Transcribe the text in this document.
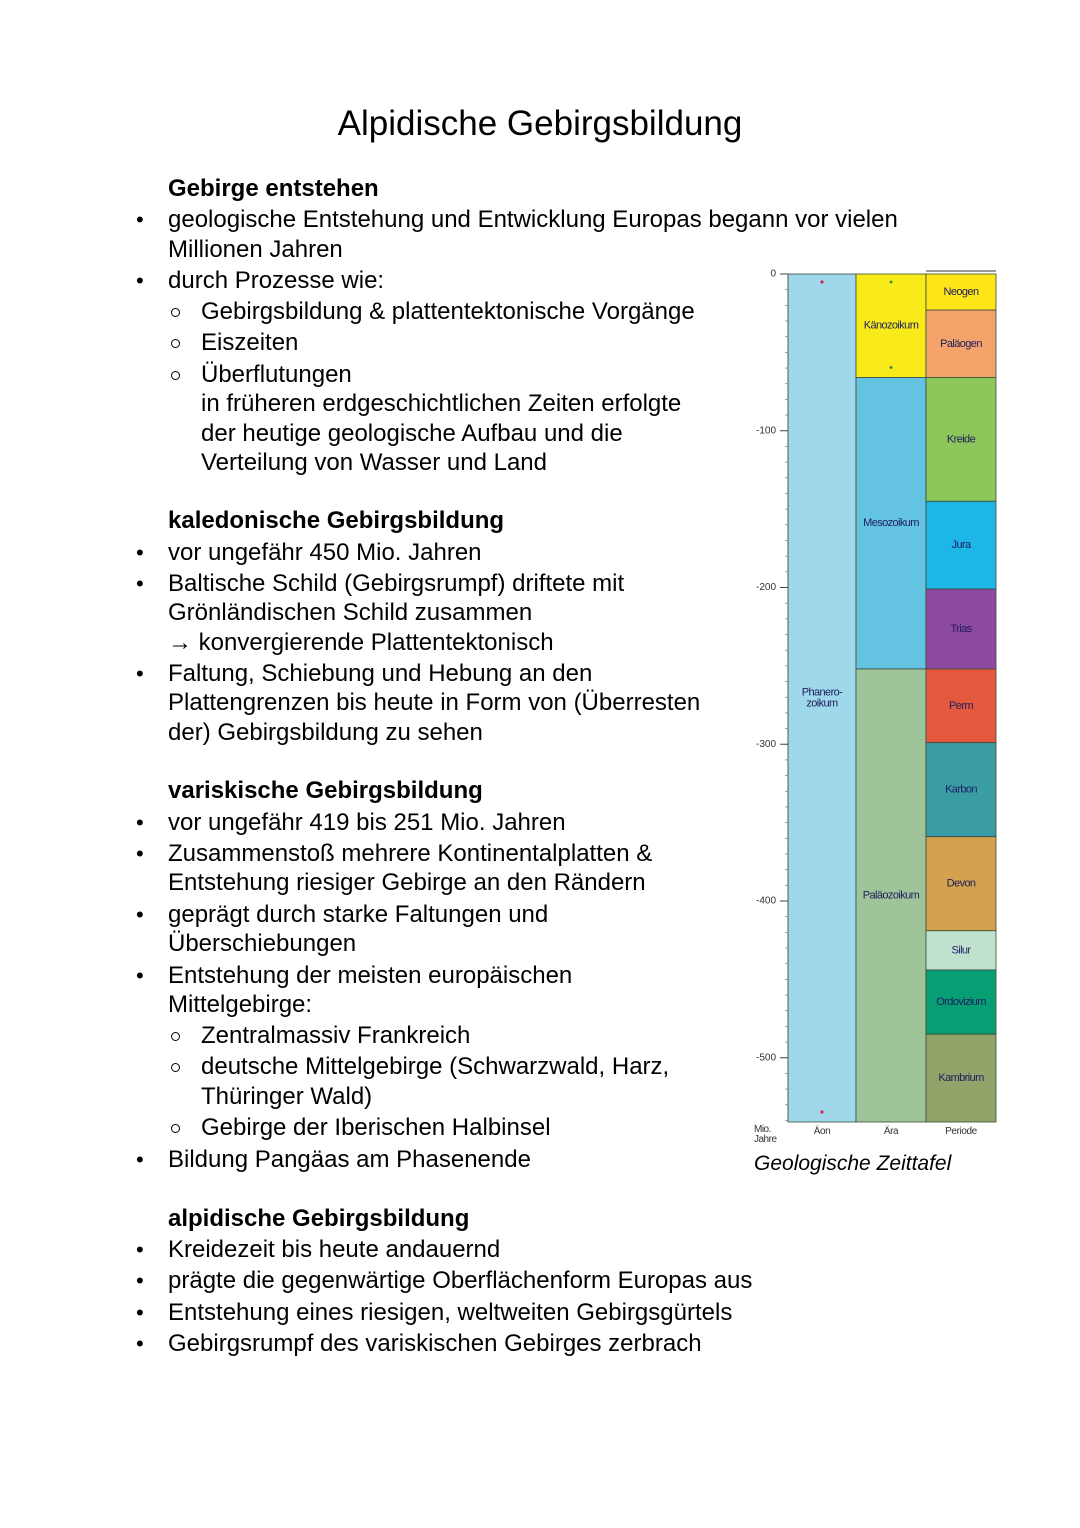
Alpidische Gebirgsbildung
Gebirge entstehen
• geologische Entstehung und Entwicklung Europas begann vor vielen
Millionen Jahren
• durch Prozesse wie:
Gebirgsbildung & plattentektonische Vorgänge
Eiszeiten
Überflutungen
in früheren erdgeschichtlichen Zeiten erfolgte
der heutige geologische Aufbau und die
Verteilung von Wasser und Land
kaledonische Gebirgsbildung
• vor ungefähr 450 Mio. Jahren
• Baltische Schild (Gebirgsrumpf) driftete mit
Grönländischen Schild zusammen
→ konvergierende Plattentektonisch
• Faltung, Schiebung und Hebung an den
Plattengrenzen bis heute in Form von (Überresten
der) Gebirgsbildung zu sehen
variskische Gebirgsbildung
• vor ungefähr 419 bis 251 Mio. Jahren
• Zusammenstoß mehrere Kontinentalplatten &
Entstehung riesiger Gebirge an den Rändern
• geprägt durch starke Faltungen und
Überschiebungen
• Entstehung der meisten europäischen
Mittelgebirge:
Zentralmassiv Frankreich
deutsche Mittelgebirge (Schwarzwald, Harz,
Thüringer Wald)
Gebirge der Iberischen Halbinsel
• Bildung Pangäas am Phasenende
alpidische Gebirgsbildung
• Kreidezeit bis heute andauernd
• prägte die gegenwärtige Oberflächenform Europas aus
• Entstehung eines riesigen, weltweiten Gebirgsgürtels
• Gebirgsrumpf des variskischen Gebirges zerbrach
Phanero-zoikum
Känozoikum
Mesozoikum
Paläozoikum
Neogen
Paläogen
Kreide
Jura
Trias
Perm
Karbon
Devon
Silur
Ordovizium
Kambrium
0
-100
-200
-300
-400
-500
Mio. Jahre
Äon	Ära	Periode
Geologische Zeittafel
